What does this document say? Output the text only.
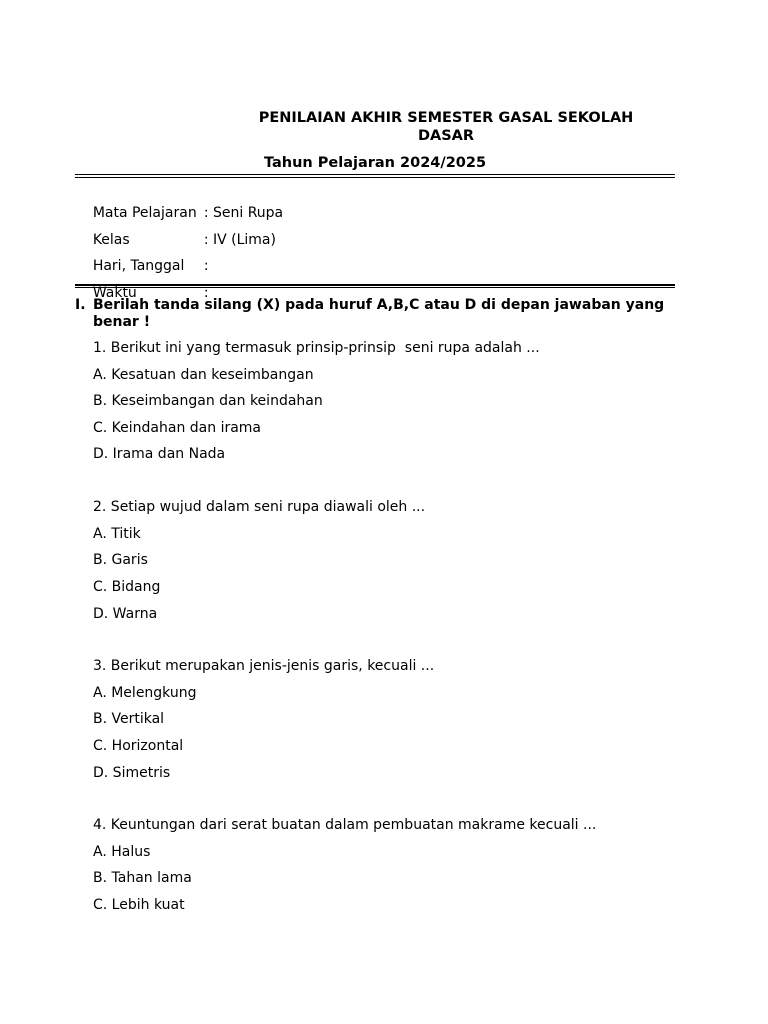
PENILAIAN AKHIR SEMESTER GASAL SEKOLAH DASAR
Tahun Pelajaran 2024/2025

Mata Pelajaran : Seni Rupa

Kelas	: IV (Lima)

Hari, Tanggal :

Waktu	:

I. Berilah tanda silang (X) pada huruf A,B,C atau D di depan jawaban yang benar !
1. Berikut ini yang termasuk prinsip-prinsip  seni rupa adalah ...
A. Kesatuan dan keseimbangan
B. Keseimbangan dan keindahan
C. Keindahan dan irama
D. Irama dan Nada
2. Setiap wujud dalam seni rupa diawali oleh ...
A. Titik
B. Garis
C. Bidang
D. Warna
3. Berikut merupakan jenis-jenis garis, kecuali ...
A. Melengkung
B. Vertikal
C. Horizontal
D. Simetris
4. Keuntungan dari serat buatan dalam pembuatan makrame kecuali ...
A. Halus
B. Tahan lama
C. Lebih kuat
